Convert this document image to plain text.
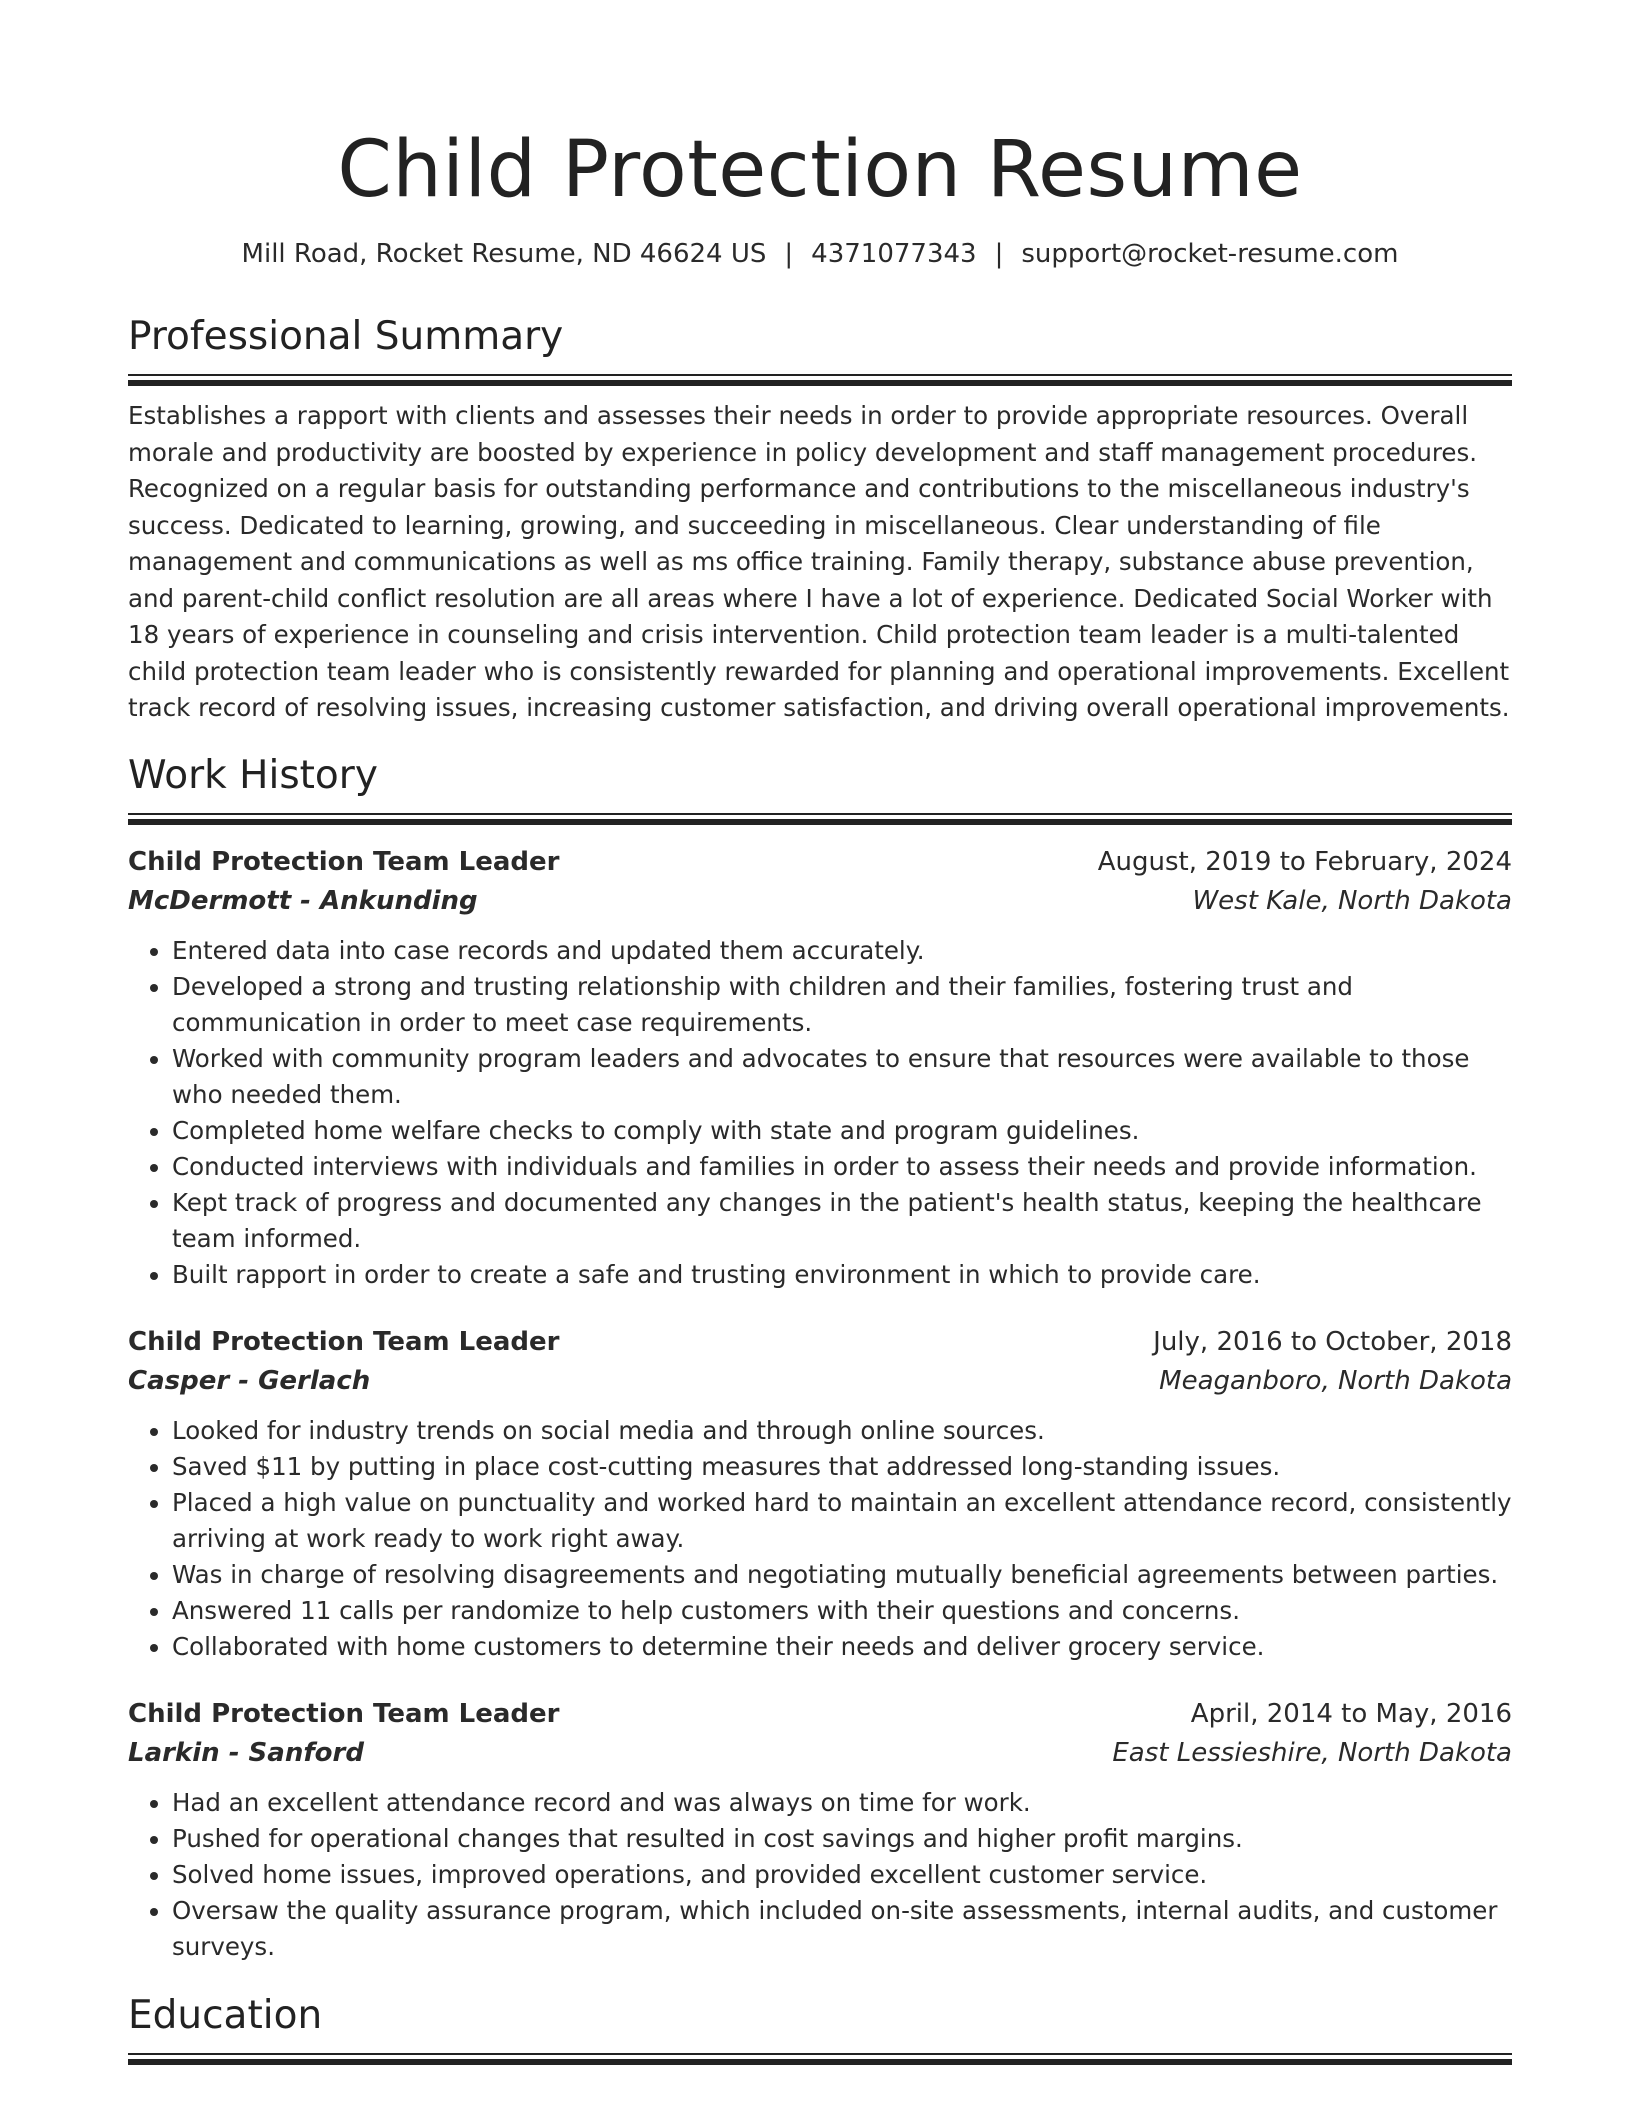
Child Protection Resume
Mill Road, Rocket Resume, ND 46624 US | 4371077343 | support@rocket-resume.com
Professional Summary

Establishes a rapport with clients and assesses their needs in order to provide appropriate resources. Overall morale and productivity are boosted by experience in policy development and staff management procedures. Recognized on a regular basis for outstanding performance and contributions to the miscellaneous industry's success. Dedicated to learning, growing, and succeeding in miscellaneous. Clear understanding of file management and communications as well as ms office training. Family therapy, substance abuse prevention, and parent-child conflict resolution are all areas where I have a lot of experience. Dedicated Social Worker with 18 years of experience in counseling and crisis intervention. Child protection team leader is a multi-talented child protection team leader who is consistently rewarded for planning and operational improvements. Excellent track record of resolving issues, increasing customer satisfaction, and driving overall operational improvements.

Work History
Child Protection Team Leader	August, 2019 to February, 2024
McDermott - Ankunding	West Kale, North Dakota
• Entered data into case records and updated them accurately.
• Developed a strong and trusting relationship with children and their families, fostering trust and communication in order to meet case requirements.
• Worked with community program leaders and advocates to ensure that resources were available to those who needed them.
• Completed home welfare checks to comply with state and program guidelines.
• Conducted interviews with individuals and families in order to assess their needs and provide information.
• Kept track of progress and documented any changes in the patient's health status, keeping the healthcare team informed.
• Built rapport in order to create a safe and trusting environment in which to provide care.
Child Protection Team Leader	July, 2016 to October, 2018
Casper - Gerlach	Meaganboro, North Dakota
• Looked for industry trends on social media and through online sources.
• Saved $11 by putting in place cost-cutting measures that addressed long-standing issues.
• Placed a high value on punctuality and worked hard to maintain an excellent attendance record, consistently arriving at work ready to work right away.
• Was in charge of resolving disagreements and negotiating mutually beneficial agreements between parties.
• Answered 11 calls per randomize to help customers with their questions and concerns.
• Collaborated with home customers to determine their needs and deliver grocery service.
Child Protection Team Leader	April, 2014 to May, 2016
Larkin - Sanford	East Lessieshire, North Dakota
• Had an excellent attendance record and was always on time for work.
• Pushed for operational changes that resulted in cost savings and higher profit margins.
• Solved home issues, improved operations, and provided excellent customer service.
• Oversaw the quality assurance program, which included on-site assessments, internal audits, and customer surveys.
Education
